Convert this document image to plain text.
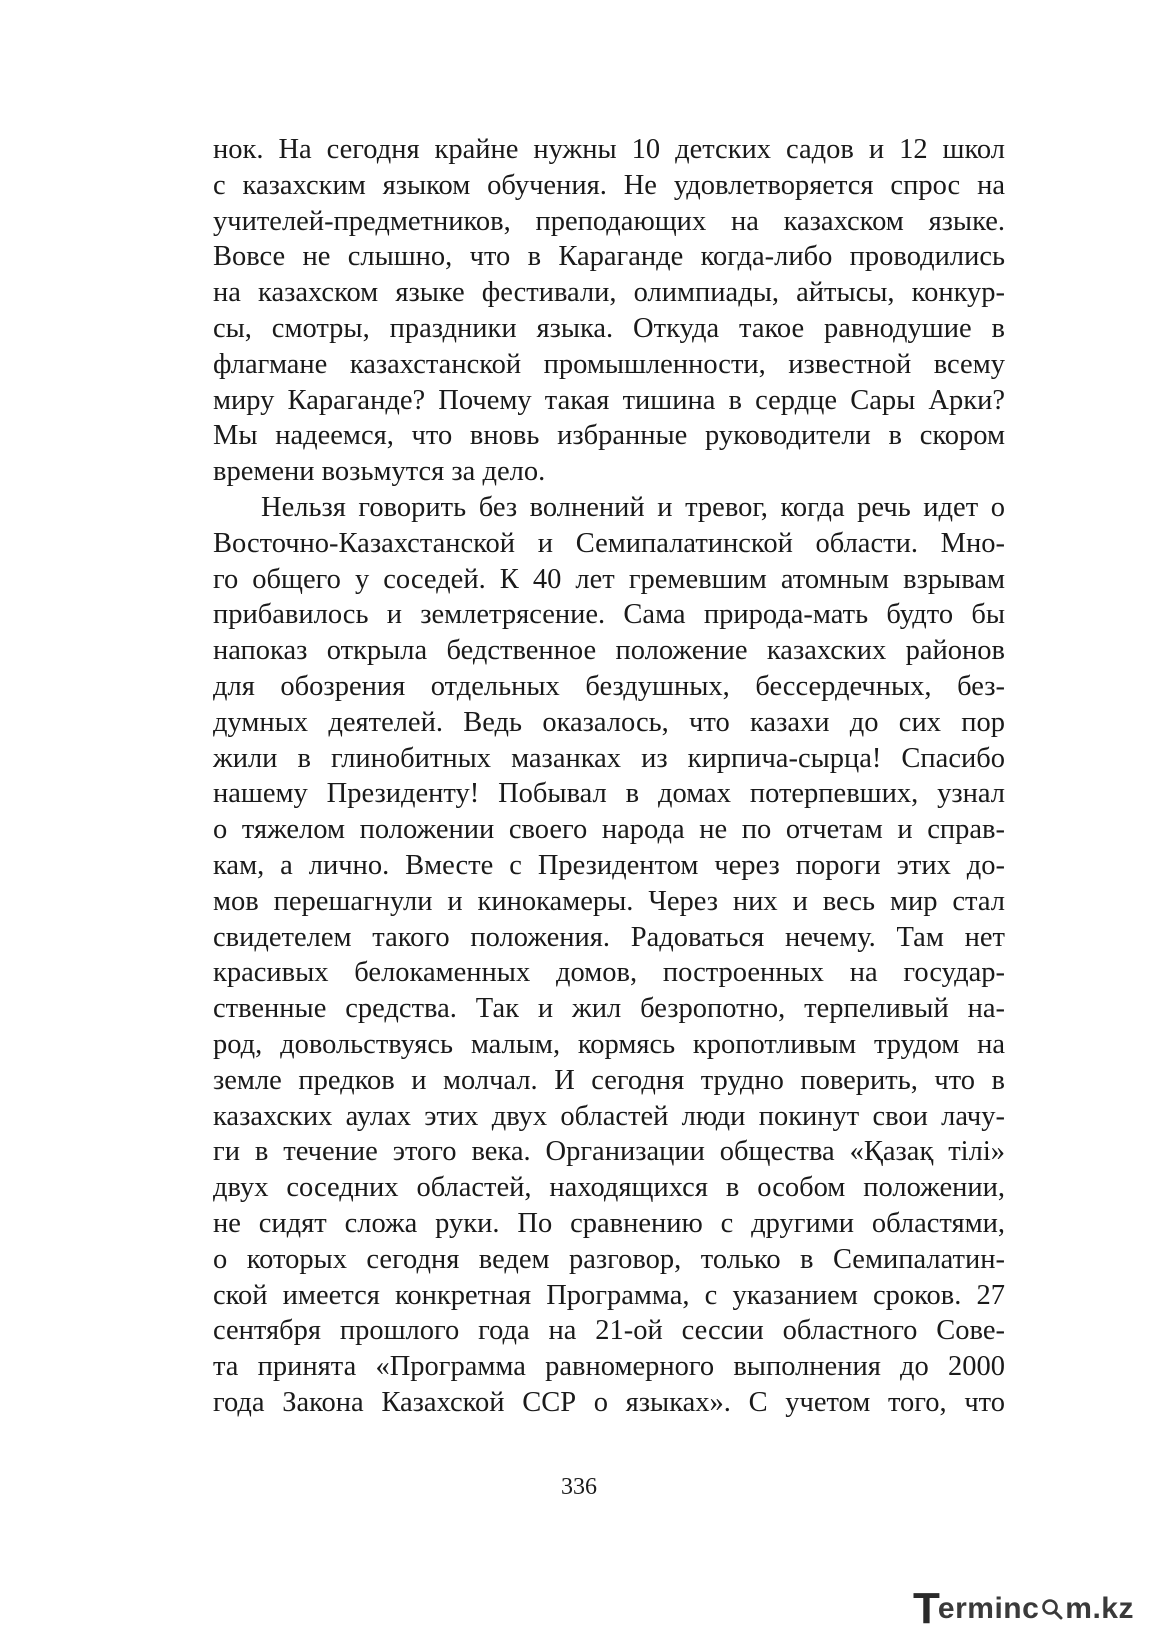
нок. На сегодня крайне нужны 10 детских садов и 12 школ
с казахским языком обучения. Не удовлетворяется спрос на
учителей-предметников, преподающих на казахском языке.
Вовсе не слышно, что в Караганде когда-либо проводились
на казахском языке фестивали, олимпиады, айтысы, конкур-
сы, смотры, праздники языка. Откуда такое равнодушие в
флагмане казахстанской промышленности, известной всему
миру Караганде? Почему такая тишина в сердце Сары Арки?
Мы надеемся, что вновь избранные руководители в скором
времени возьмутся за дело.
Нельзя говорить без волнений и тревог, когда речь идет о
Восточно-Казахстанской и Семипалатинской области. Мно-
го общего у соседей. К 40 лет гремевшим атомным взрывам
прибавилось и землетрясение. Сама природа-мать будто бы
напоказ открыла бедственное положение казахских районов
для обозрения отдельных бездушных, бессердечных, без-
думных деятелей. Ведь оказалось, что казахи до сих пор
жили в глинобитных мазанках из кирпича-сырца! Спасибо
нашему Президенту! Побывал в домах потерпевших, узнал
о тяжелом положении своего народа не по отчетам и справ-
кам, а лично. Вместе с Президентом через пороги этих до-
мов перешагнули и кинокамеры. Через них и весь мир стал
свидетелем такого положения. Радоваться нечему. Там нет
красивых белокаменных домов, построенных на государ-
ственные средства. Так и жил безропотно, терпеливый на-
род, довольствуясь малым, кормясь кропотливым трудом на
земле предков и молчал. И сегодня трудно поверить, что в
казахских аулах этих двух областей люди покинут свои лачу-
ги в течение этого века. Организации общества «Қазақ тілі»
двух соседних областей, находящихся в особом положении,
не сидят сложа руки. По сравнению с другими областями,
о которых сегодня ведем разговор, только в Семипалатин-
ской имеется конкретная Программа, с указанием сроков. 27
сентября прошлого года на 21-ой сессии областного Сове-
та принята «Программа равномерного выполнения до 2000
года Закона Казахской ССР о языках». С учетом того, что
336
T
erminc m.kz
